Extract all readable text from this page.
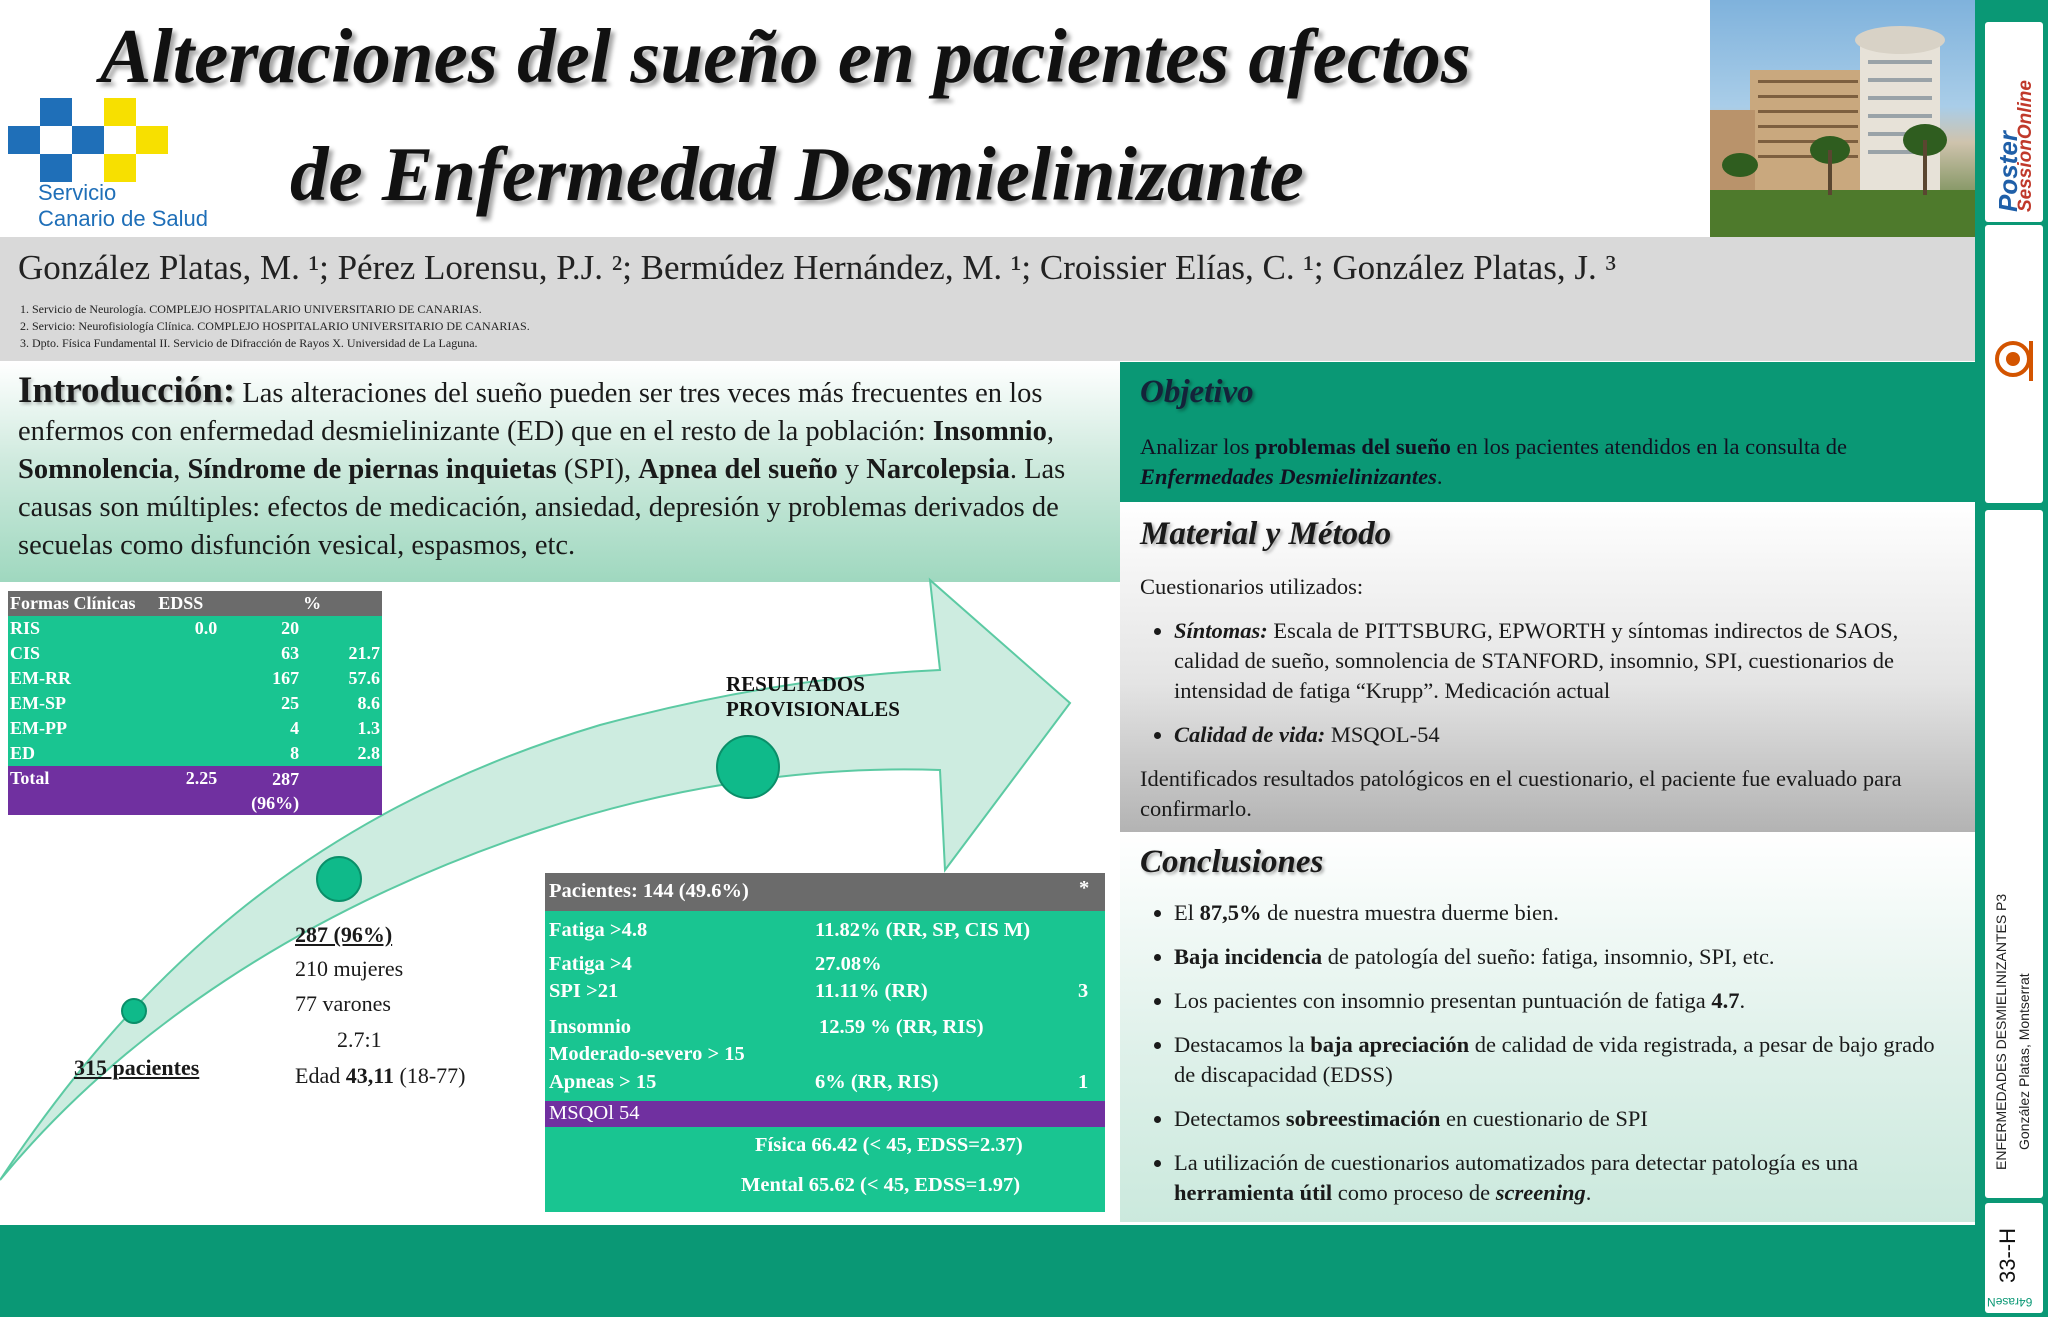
Servicio
Canario de Salud
Alteraciones del sueño en pacientes afectos
de Enfermedad Desmielinizante
González Platas, M. ¹; Pérez Lorensu, P.J. ²; Bermúdez Hernández, M. ¹; Croissier Elías, C. ¹; González Platas, J. ³
1. Servicio de Neurología. COMPLEJO HOSPITALARIO UNIVERSITARIO DE CANARIAS.
2. Servicio: Neurofisiología Clínica. COMPLEJO HOSPITALARIO UNIVERSITARIO DE CANARIAS.
3. Dpto. Física Fundamental II. Servicio de Difracción de Rayos X. Universidad de La Laguna.
Introducción: Las alteraciones del sueño pueden ser tres veces más frecuentes en los enfermos con enfermedad desmielinizante (ED) que en el resto de la población: Insomnio, Somnolencia, Síndrome de piernas inquietas (SPI), Apnea del sueño y Narcolepsia. Las causas son múltiples: efectos de medicación, ansiedad, depresión y problemas derivados de secuelas como disfunción vesical, espasmos, etc.
RESULTADOS
PROVISIONALES
315 pacientes
287 (96%)
210 mujeres
77 varones
2.7:1
Edad 43,11 (18-77)
Formas Clínicas	EDSS		%
RIS	0.0	20	
CIS		63	21.7
EM-RR		167	57.6
EM-SP		25	8.6
EM-PP		4	1.3
ED		8	2.8
Total	2.25	287
(96%)	

Pacientes: 144 (49.6%)	*
Fatiga >4.8	11.82% (RR, SP, CIS M)
Fatiga >4	27.08%
SPI >21	11.11% (RR)	3
Insomnio	12.59 % (RR, RIS)
Moderado-severo > 15
Apneas > 15	6% (RR, RIS)	1
MSQOl 54
Física 66.42 (< 45, EDSS=2.37)
Mental 65.62 (< 45, EDSS=1.97)
Objetivo
Analizar los problemas del sueño en los pacientes atendidos en la consulta de Enfermedades Desmielinizantes.
Material y Método
Cuestionarios utilizados:
• Síntomas: Escala de PITTSBURG, EPWORTH y síntomas indirectos de SAOS, calidad de sueño, somnolencia de STANFORD, insomnio, SPI, cuestionarios de intensidad de fatiga “Krupp”. Medicación actual
• Calidad de vida: MSQOL-54
Identificados resultados patológicos en el cuestionario, el paciente fue evaluado para confirmarlo.
Conclusiones
• El 87,5% de nuestra muestra duerme bien.
• Baja incidencia de patología del sueño: fatiga, insomnio, SPI, etc.
• Los pacientes con insomnio presentan puntuación de fatiga 4.7.
• Destacamos la baja apreciación de calidad de vida registrada, a pesar de bajo grado de discapacidad (EDSS)
• Detectamos sobreestimación en cuestionario de SPI
• La utilización de cuestionarios automatizados para detectar patología es una herramienta útil como proceso de screening.
Poster
SessionOnline
ENFERMEDADES DESMIELINIZANTES P3 González Platas, Montserrat
33--H
64raseN
